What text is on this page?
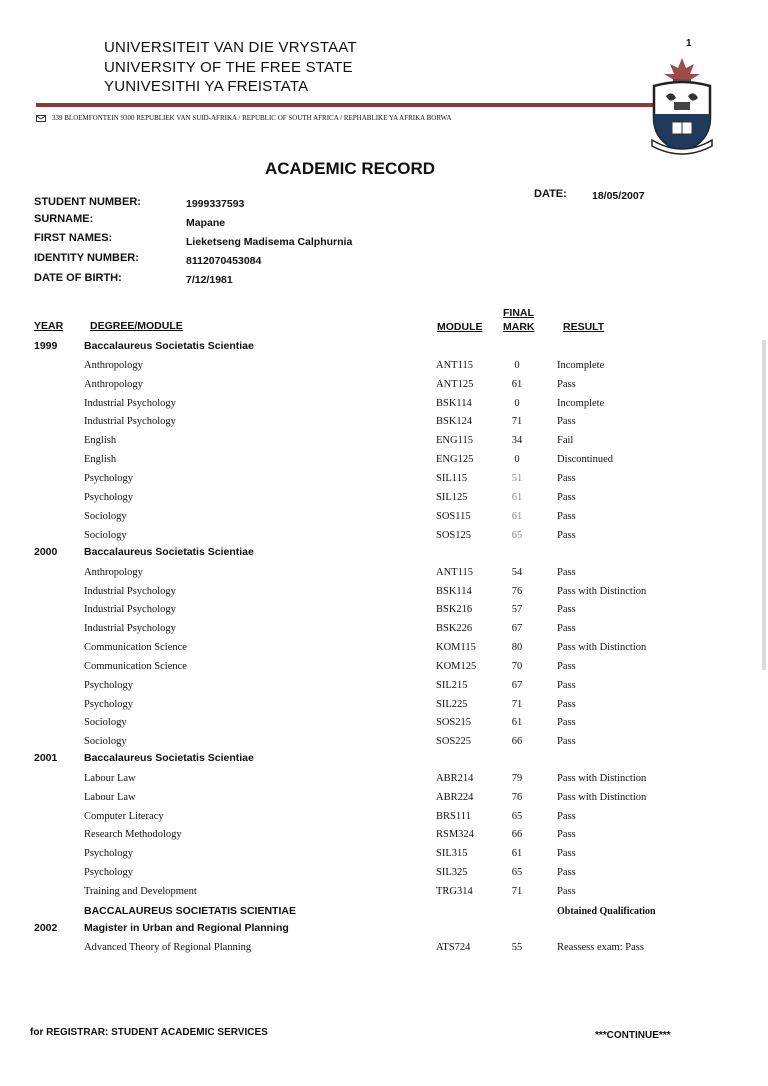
UNIVERSITEIT VAN DIE VRYSTAAT
UNIVERSITY OF THE FREE STATE
YUNIVESITHI YA FREISTATA
1
339 BLOEMFONTEIN 9300 REPUBLIEK VAN SUID-AFRIKA / REPUBLIC OF SOUTH AFRICA / REPHABLIKE YA AFRIKA BORWA
ACADEMIC RECORD
STUDENT NUMBER:	1999337593
SURNAME:	Mapane
FIRST NAMES:	Lieketseng Madisema Calphurnia
IDENTITY NUMBER:	8112070453084
DATE OF BIRTH:	7/12/1981
DATE: 18/05/2007
YEAR	DEGREE/MODULE	MODULE
FINAL
MARK	RESULT
1999	Baccalaureus Societatis Scientiae
Anthropology	ANT115	0	Incomplete
Anthropology	ANT125	61	Pass
Industrial Psychology	BSK114	0	Incomplete
Industrial Psychology	BSK124	71	Pass
English	ENG115	34	Fail
English	ENG125	0	Discontinued
Psychology	SIL115	51	Pass
Psychology	SIL125	61	Pass
Sociology	SOS115	61	Pass
Sociology	SOS125	65	Pass
2000	Baccalaureus Societatis Scientiae
Anthropology	ANT115	54	Pass
Industrial Psychology	BSK114	76	Pass with Distinction
Industrial Psychology	BSK216	57	Pass
Industrial Psychology	BSK226	67	Pass
Communication Science	KOM115	80	Pass with Distinction
Communication Science	KOM125	70	Pass
Psychology	SIL215	67	Pass
Psychology	SIL225	71	Pass
Sociology	SOS215	61	Pass
Sociology	SOS225	66	Pass
2001	Baccalaureus Societatis Scientiae
Labour Law	ABR214	79	Pass with Distinction
Labour Law	ABR224	76	Pass with Distinction
Computer Literacy	BRS111	65	Pass
Research Methodology	RSM324	66	Pass
Psychology	SIL315	61	Pass
Psychology	SIL325	65	Pass
Training and Development	TRG314	71	Pass
BACCALAUREUS SOCIETATIS SCIENTIAE	Obtained Qualification
2002	Magister in Urban and Regional Planning
Advanced Theory of Regional Planning	ATS724	55	Reassess exam: Pass
for REGISTRAR: STUDENT ACADEMIC SERVICES	***CONTINUE***
